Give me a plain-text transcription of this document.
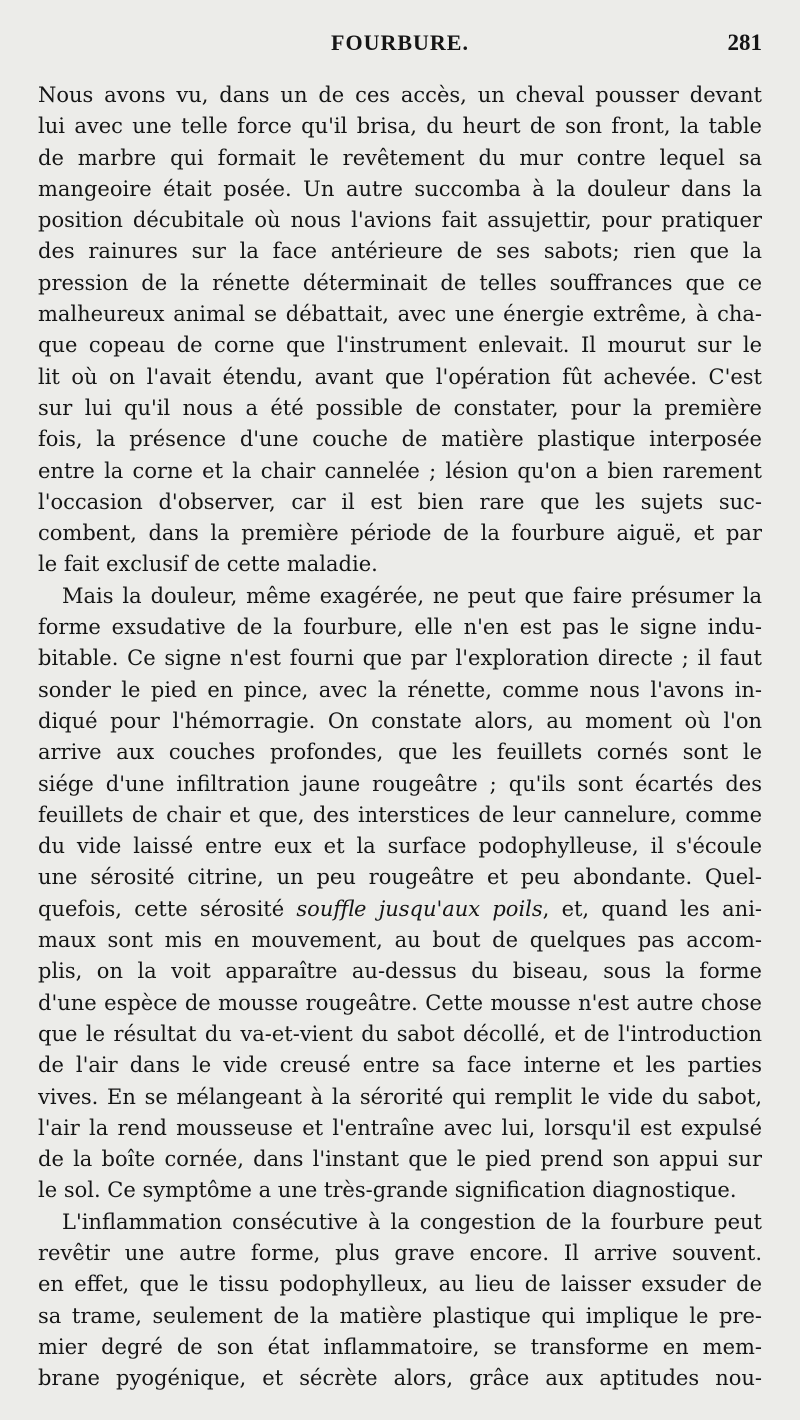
FOURBURE.	281
Nous avons vu, dans un de ces accès, un cheval pousser devant
lui avec une telle force qu'il brisa, du heurt de son front, la table
de marbre qui formait le revêtement du mur contre lequel sa
mangeoire était posée. Un autre succomba à la douleur dans la
position décubitale où nous l'avions fait assujettir, pour pratiquer
des rainures sur la face antérieure de ses sabots; rien que la
pression de la rénette déterminait de telles souffrances que ce
malheureux animal se débattait, avec une énergie extrême, à cha-
que copeau de corne que l'instrument enlevait. Il mourut sur le
lit où on l'avait étendu, avant que l'opération fût achevée. C'est
sur lui qu'il nous a été possible de constater, pour la première
fois, la présence d'une couche de matière plastique interposée
entre la corne et la chair cannelée ; lésion qu'on a bien rarement
l'occasion d'observer, car il est bien rare que les sujets suc-
combent, dans la première période de la fourbure aiguë, et par
le fait exclusif de cette maladie.
Mais la douleur, même exagérée, ne peut que faire présumer la
forme exsudative de la fourbure, elle n'en est pas le signe indu-
bitable. Ce signe n'est fourni que par l'exploration directe ; il faut
sonder le pied en pince, avec la rénette, comme nous l'avons in-
diqué pour l'hémorragie. On constate alors, au moment où l'on
arrive aux couches profondes, que les feuillets cornés sont le
siége d'une infiltration jaune rougeâtre ; qu'ils sont écartés des
feuillets de chair et que, des interstices de leur cannelure, comme
du vide laissé entre eux et la surface podophylleuse, il s'écoule
une sérosité citrine, un peu rougeâtre et peu abondante. Quel-
quefois, cette sérosité souffle jusqu'aux poils, et, quand les ani-
maux sont mis en mouvement, au bout de quelques pas accom-
plis, on la voit apparaître au-dessus du biseau, sous la forme
d'une espèce de mousse rougeâtre. Cette mousse n'est autre chose
que le résultat du va-et-vient du sabot décollé, et de l'introduction
de l'air dans le vide creusé entre sa face interne et les parties
vives. En se mélangeant à la sérorité qui remplit le vide du sabot,
l'air la rend mousseuse et l'entraîne avec lui, lorsqu'il est expulsé
de la boîte cornée, dans l'instant que le pied prend son appui sur
le sol. Ce symptôme a une très-grande signification diagnostique.
L'inflammation consécutive à la congestion de la fourbure peut
revêtir une autre forme, plus grave encore. Il arrive souvent.
en effet, que le tissu podophylleux, au lieu de laisser exsuder de
sa trame, seulement de la matière plastique qui implique le pre-
mier degré de son état inflammatoire, se transforme en mem-
brane pyogénique, et sécrète alors, grâce aux aptitudes nou-
